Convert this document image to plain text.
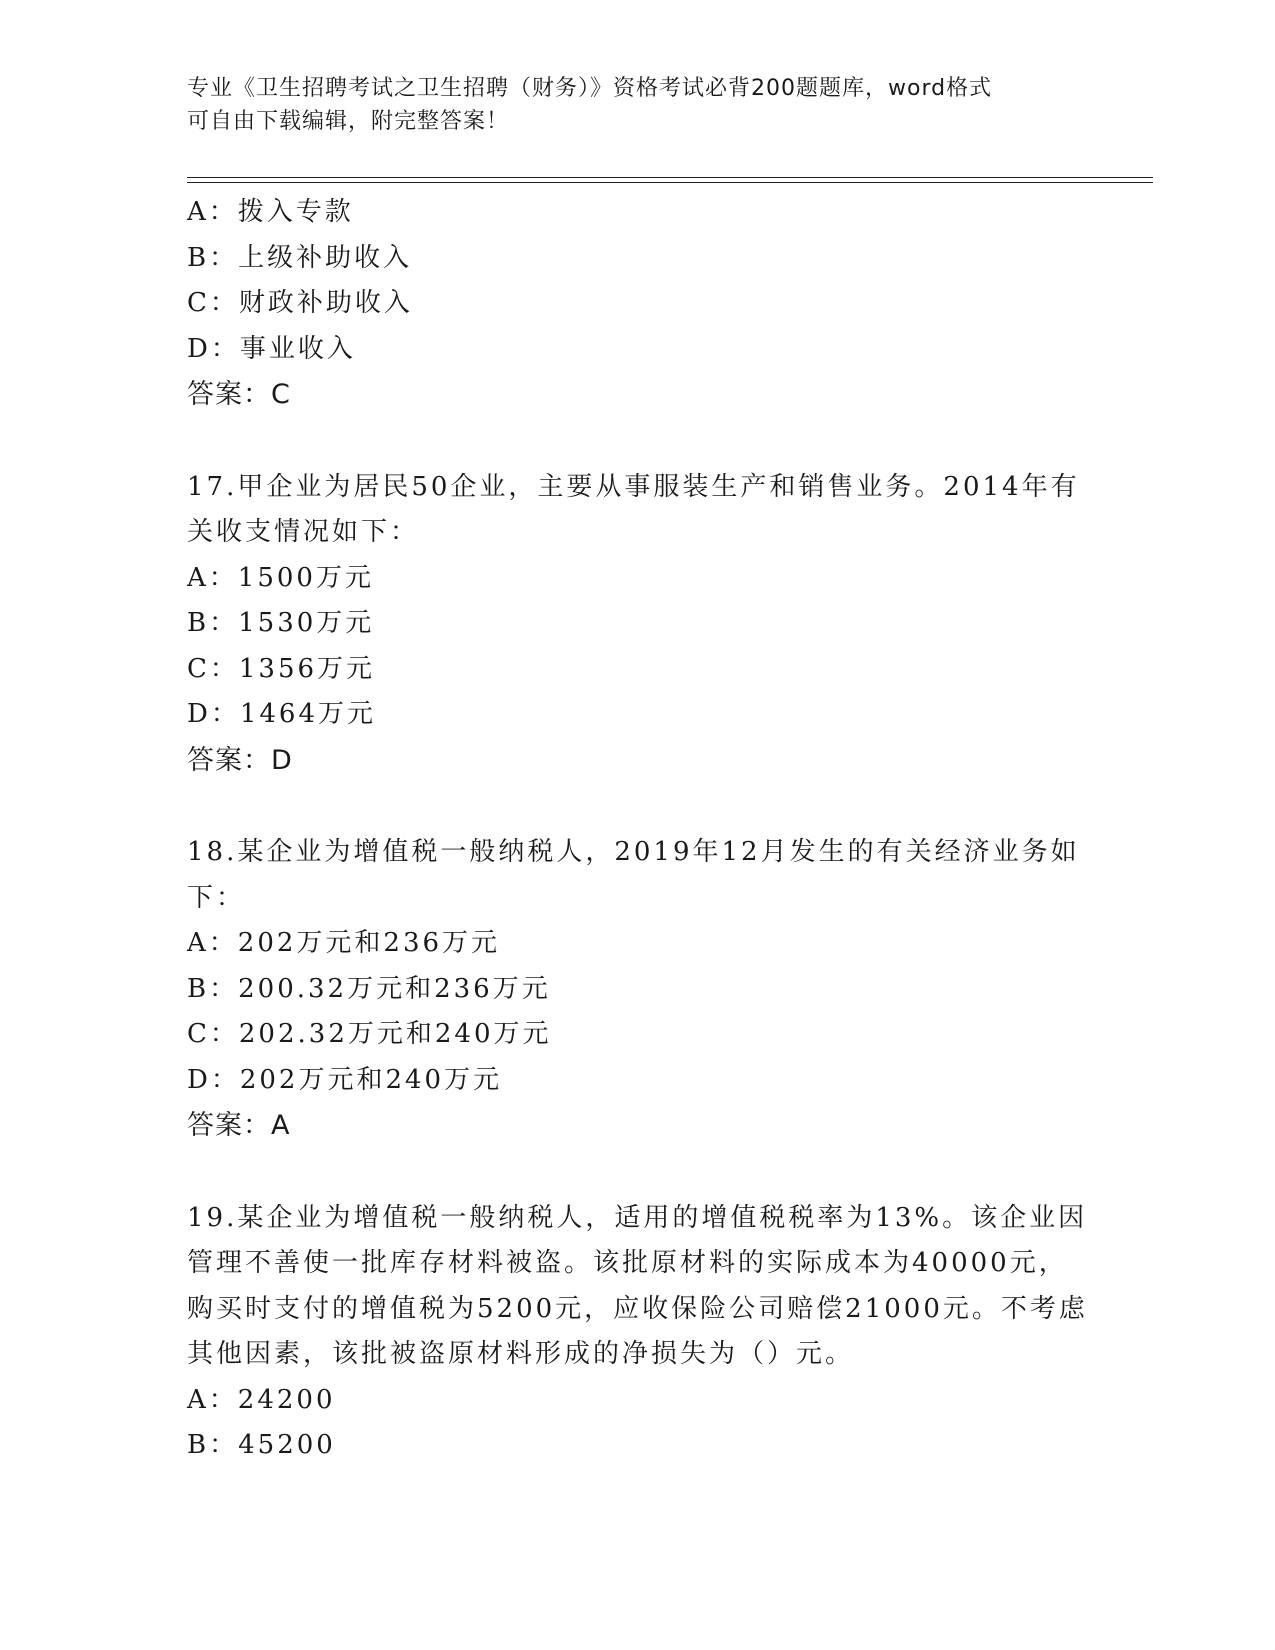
专业《卫生招聘考试之卫生招聘（财务）》资格考试必背200题题库，word格式
可自由下载编辑，附完整答案！
A：拨入专款
B：上级补助收入
C：财政补助收入
D：事业收入
答案：C
17.甲企业为居民50企业，主要从事服装生产和销售业务。2014年有
关收支情况如下：
A：1500万元
B：1530万元
C：1356万元
D：1464万元
答案：D
18.某企业为增值税一般纳税人，2019年12月发生的有关经济业务如
下：
A：202万元和236万元
B：200.32万元和236万元
C：202.32万元和240万元
D：202万元和240万元
答案：A
19.某企业为增值税一般纳税人，适用的增值税税率为13%。该企业因
管理不善使一批库存材料被盗。该批原材料的实际成本为40000元，
购买时支付的增值税为5200元，应收保险公司赔偿21000元。不考虑
其他因素，该批被盗原材料形成的净损失为（）元。
A：24200
B：45200
